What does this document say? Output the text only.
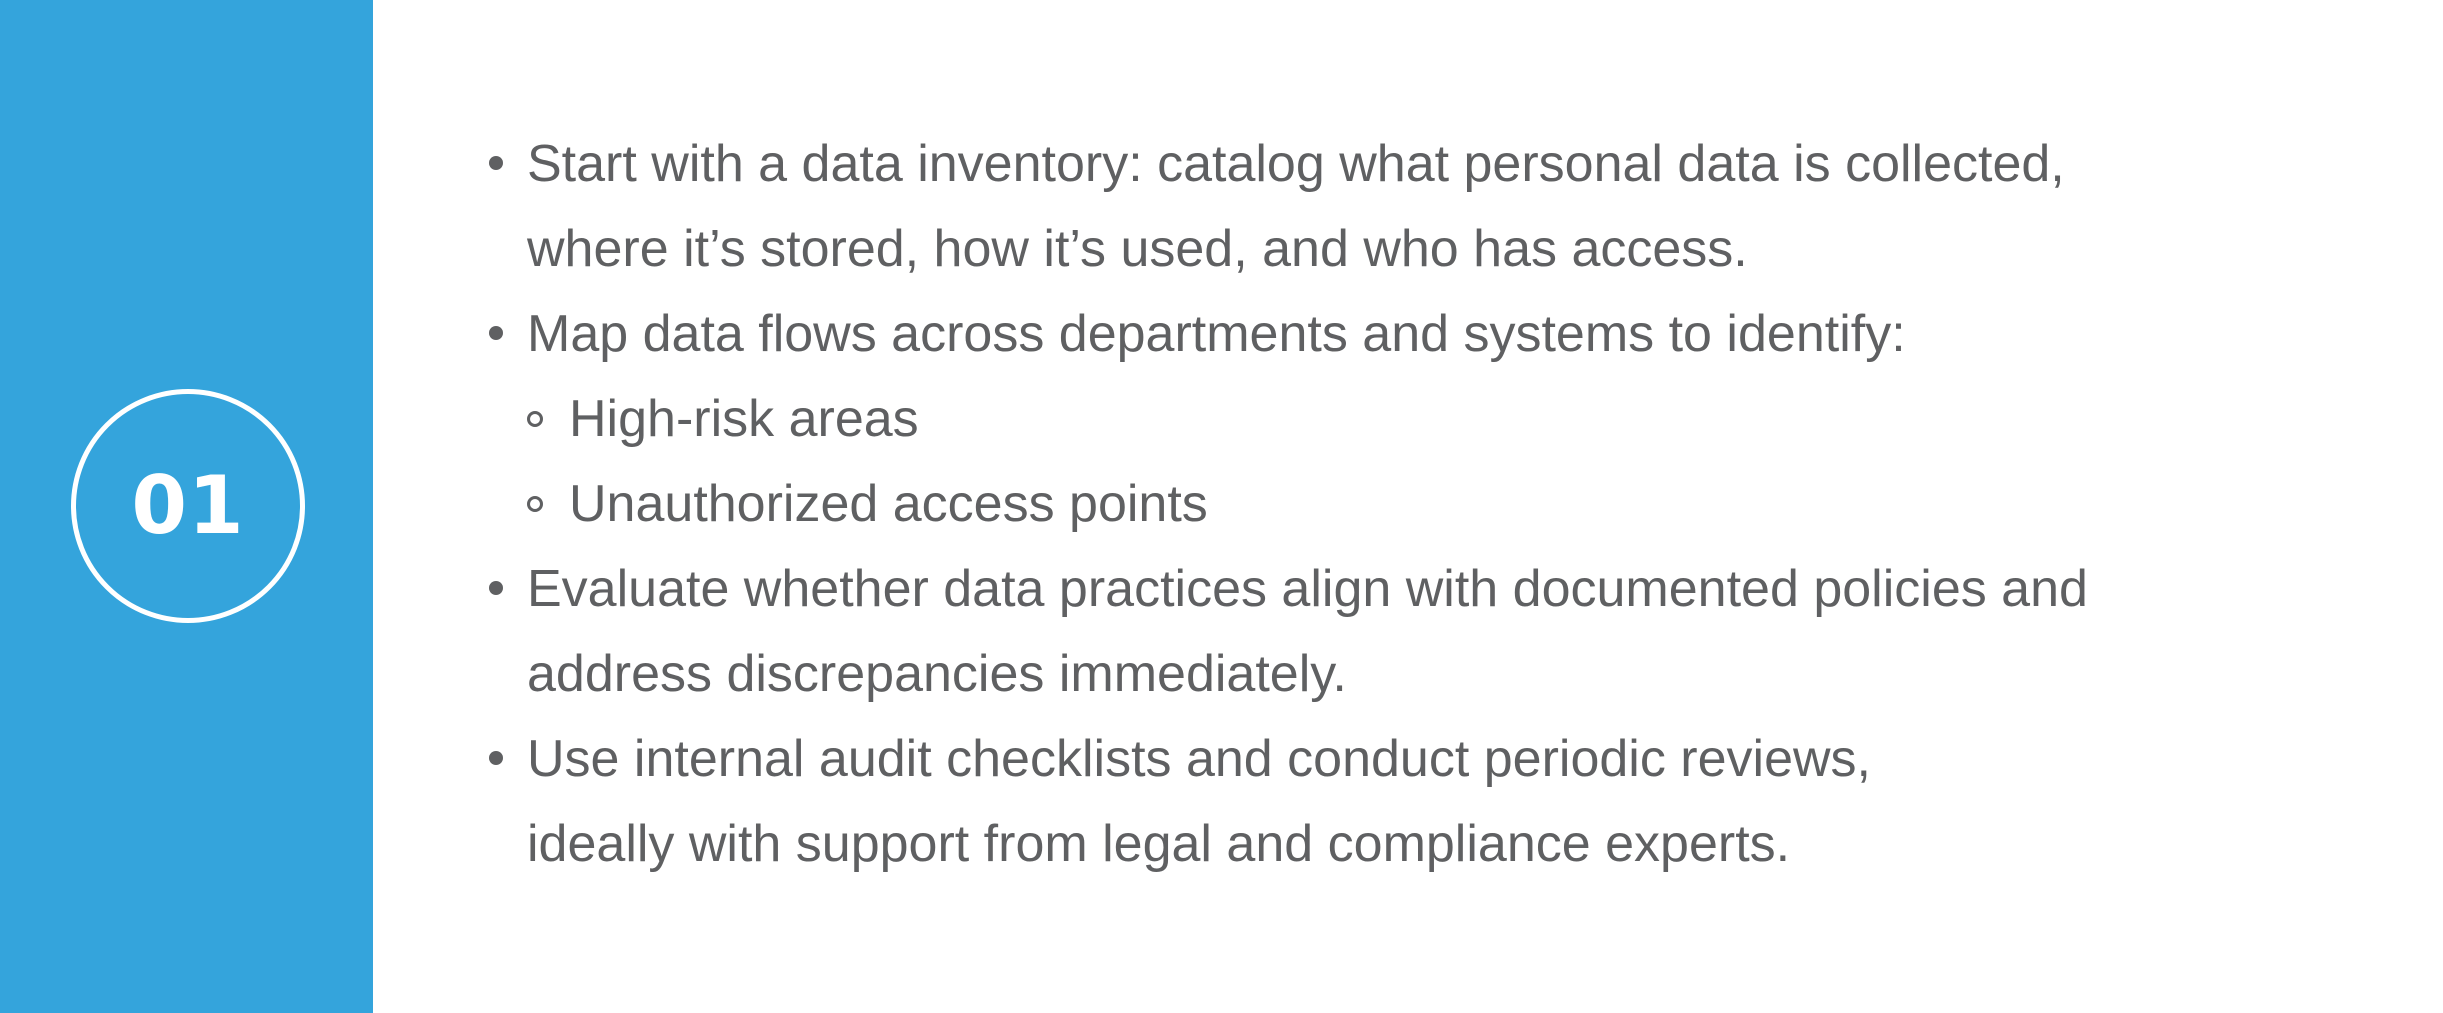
01
Start with a data inventory: catalog what personal data is collected,
where it’s stored, how it’s used, and who has access.
Map data flows across departments and systems to identify:
High-risk areas
Unauthorized access points
Evaluate whether data practices align with documented policies and
address discrepancies immediately.
Use internal audit checklists and conduct periodic reviews,
ideally with support from legal and compliance experts.
